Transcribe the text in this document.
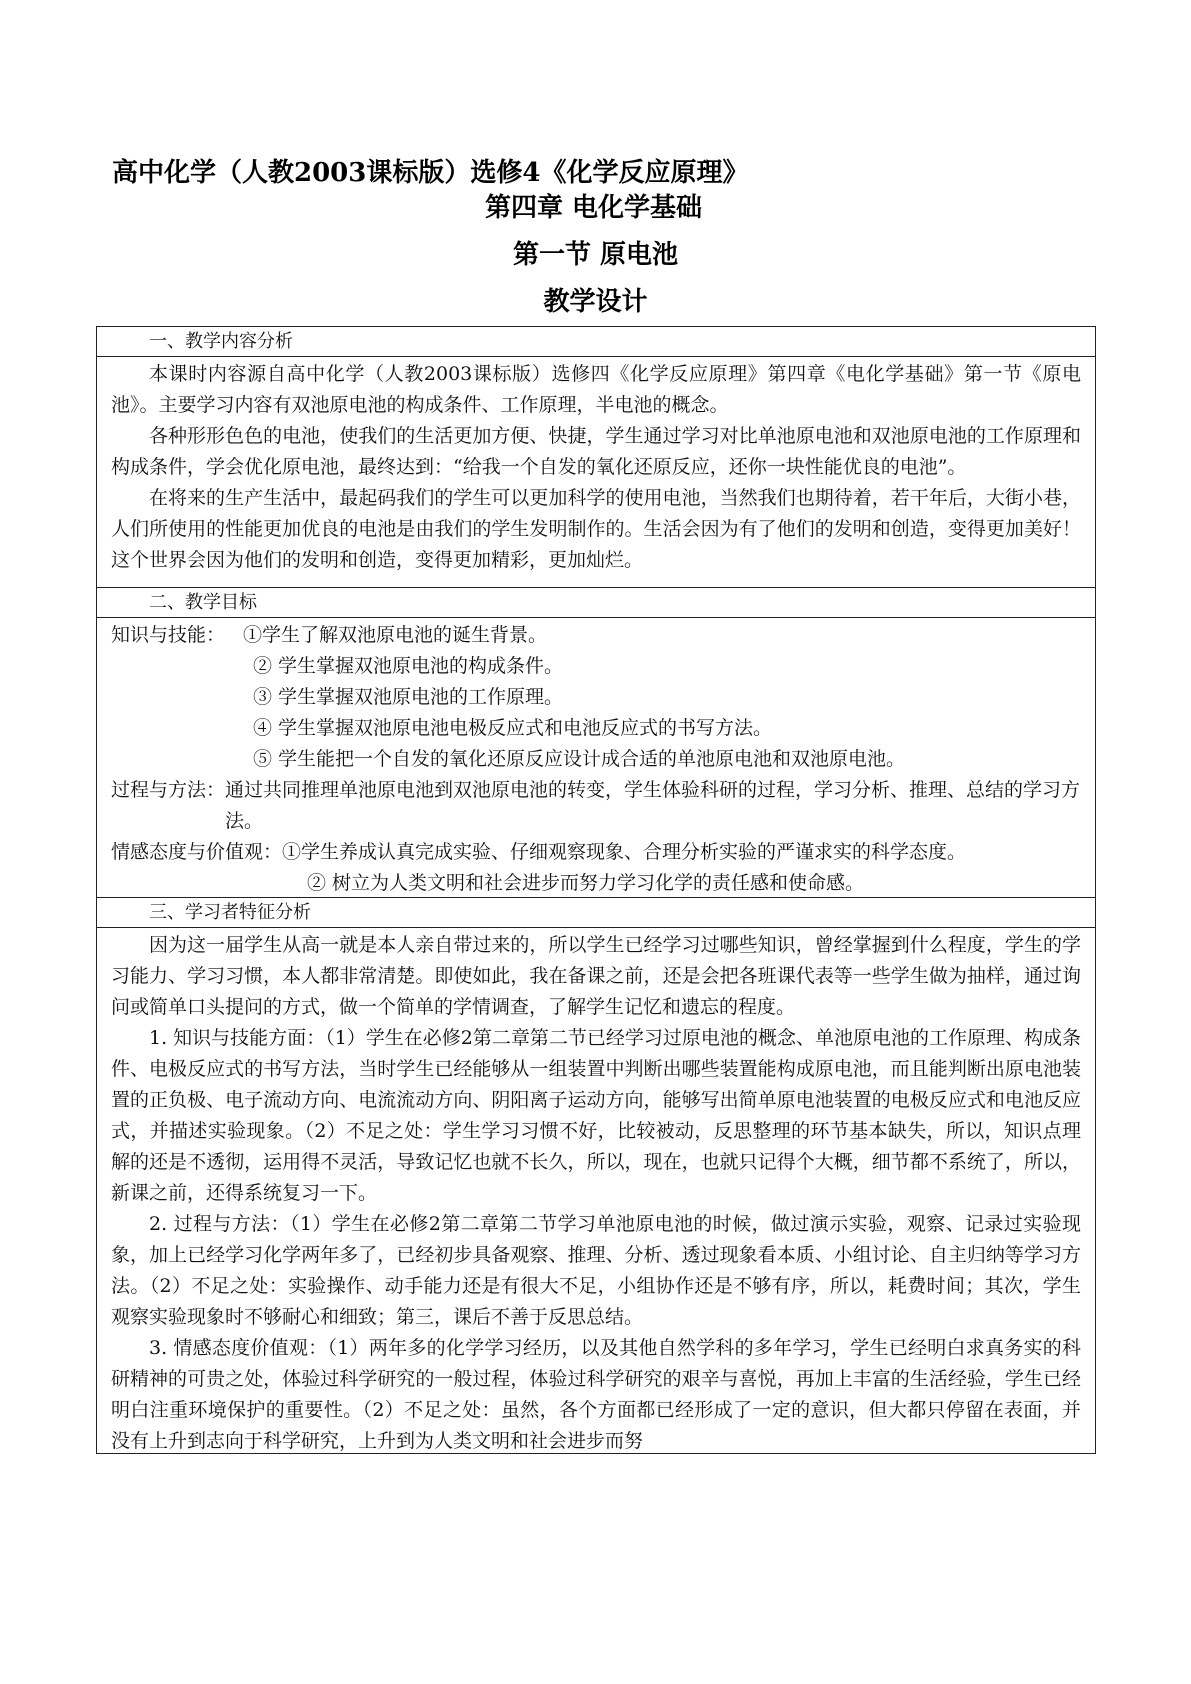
高中化学（人教2003课标版）选修4《化学反应原理》
第四章 电化学基础
第一节 原电池
教学设计
一、教学内容分析

本课时内容源自高中化学（人教2003课标版）选修四《化学反应原理》第四章《电化学基础》第一节《原电池》。主要学习内容有双池原电池的构成条件、工作原理，半电池的概念。

各种形形色色的电池，使我们的生活更加方便、快捷，学生通过学习对比单池原电池和双池原电池的工作原理和构成条件，学会优化原电池，最终达到：“给我一个自发的氧化还原反应，还你一块性能优良的电池”。

在将来的生产生活中，最起码我们的学生可以更加科学的使用电池，当然我们也期待着，若干年后，大街小巷，人们所使用的性能更加优良的电池是由我们的学生发明制作的。生活会因为有了他们的发明和创造，变得更加美好！这个世界会因为他们的发明和创造，变得更加精彩，更加灿烂。

二、教学目标
知识与技能： ①学生了解双池原电池的诞生背景。
② 学生掌握双池原电池的构成条件。
③ 学生掌握双池原电池的工作原理。
④ 学生掌握双池原电池电极反应式和电池反应式的书写方法。
⑤ 学生能把一个自发的氧化还原反应设计成合适的单池原电池和双池原电池。
过程与方法： 通过共同推理单池原电池到双池原电池的转变，学生体验科研的过程，学习分析、推理、总结的学习方法。
情感态度与价值观： ①学生养成认真完成实验、仔细观察现象、合理分析实验的严谨求实的科学态度。
② 树立为人类文明和社会进步而努力学习化学的责任感和使命感。
三、学习者特征分析

因为这一届学生从高一就是本人亲自带过来的，所以学生已经学习过哪些知识，曾经掌握到什么程度，学生的学习能力、学习习惯，本人都非常清楚。即使如此，我在备课之前，还是会把各班课代表等一些学生做为抽样，通过询问或简单口头提问的方式，做一个简单的学情调查，了解学生记忆和遗忘的程度。

1. 知识与技能方面：（1）学生在必修2第二章第二节已经学习过原电池的概念、单池原电池的工作原理、构成条件、电极反应式的书写方法，当时学生已经能够从一组装置中判断出哪些装置能构成原电池，而且能判断出原电池装置的正负极、电子流动方向、电流流动方向、阴阳离子运动方向，能够写出简单原电池装置的电极反应式和电池反应式，并描述实验现象。（2）不足之处：学生学习习惯不好，比较被动，反思整理的环节基本缺失，所以，知识点理解的还是不透彻，运用得不灵活，导致记忆也就不长久，所以，现在，也就只记得个大概，细节都不系统了，所以，新课之前，还得系统复习一下。

2. 过程与方法：（1）学生在必修2第二章第二节学习单池原电池的时候，做过演示实验，观察、记录过实验现象，加上已经学习化学两年多了，已经初步具备观察、推理、分析、透过现象看本质、小组讨论、自主归纳等学习方法。（2）不足之处：实验操作、动手能力还是有很大不足，小组协作还是不够有序，所以，耗费时间；其次，学生观察实验现象时不够耐心和细致；第三，课后不善于反思总结。

3. 情感态度价值观：（1）两年多的化学学习经历，以及其他自然学科的多年学习，学生已经明白求真务实的科研精神的可贵之处，体验过科学研究的一般过程，体验过科学研究的艰辛与喜悦，再加上丰富的生活经验，学生已经明白注重环境保护的重要性。（2）不足之处：虽然，各个方面都已经形成了一定的意识，但大都只停留在表面，并没有上升到志向于科学研究，上升到为人类文明和社会进步而努
